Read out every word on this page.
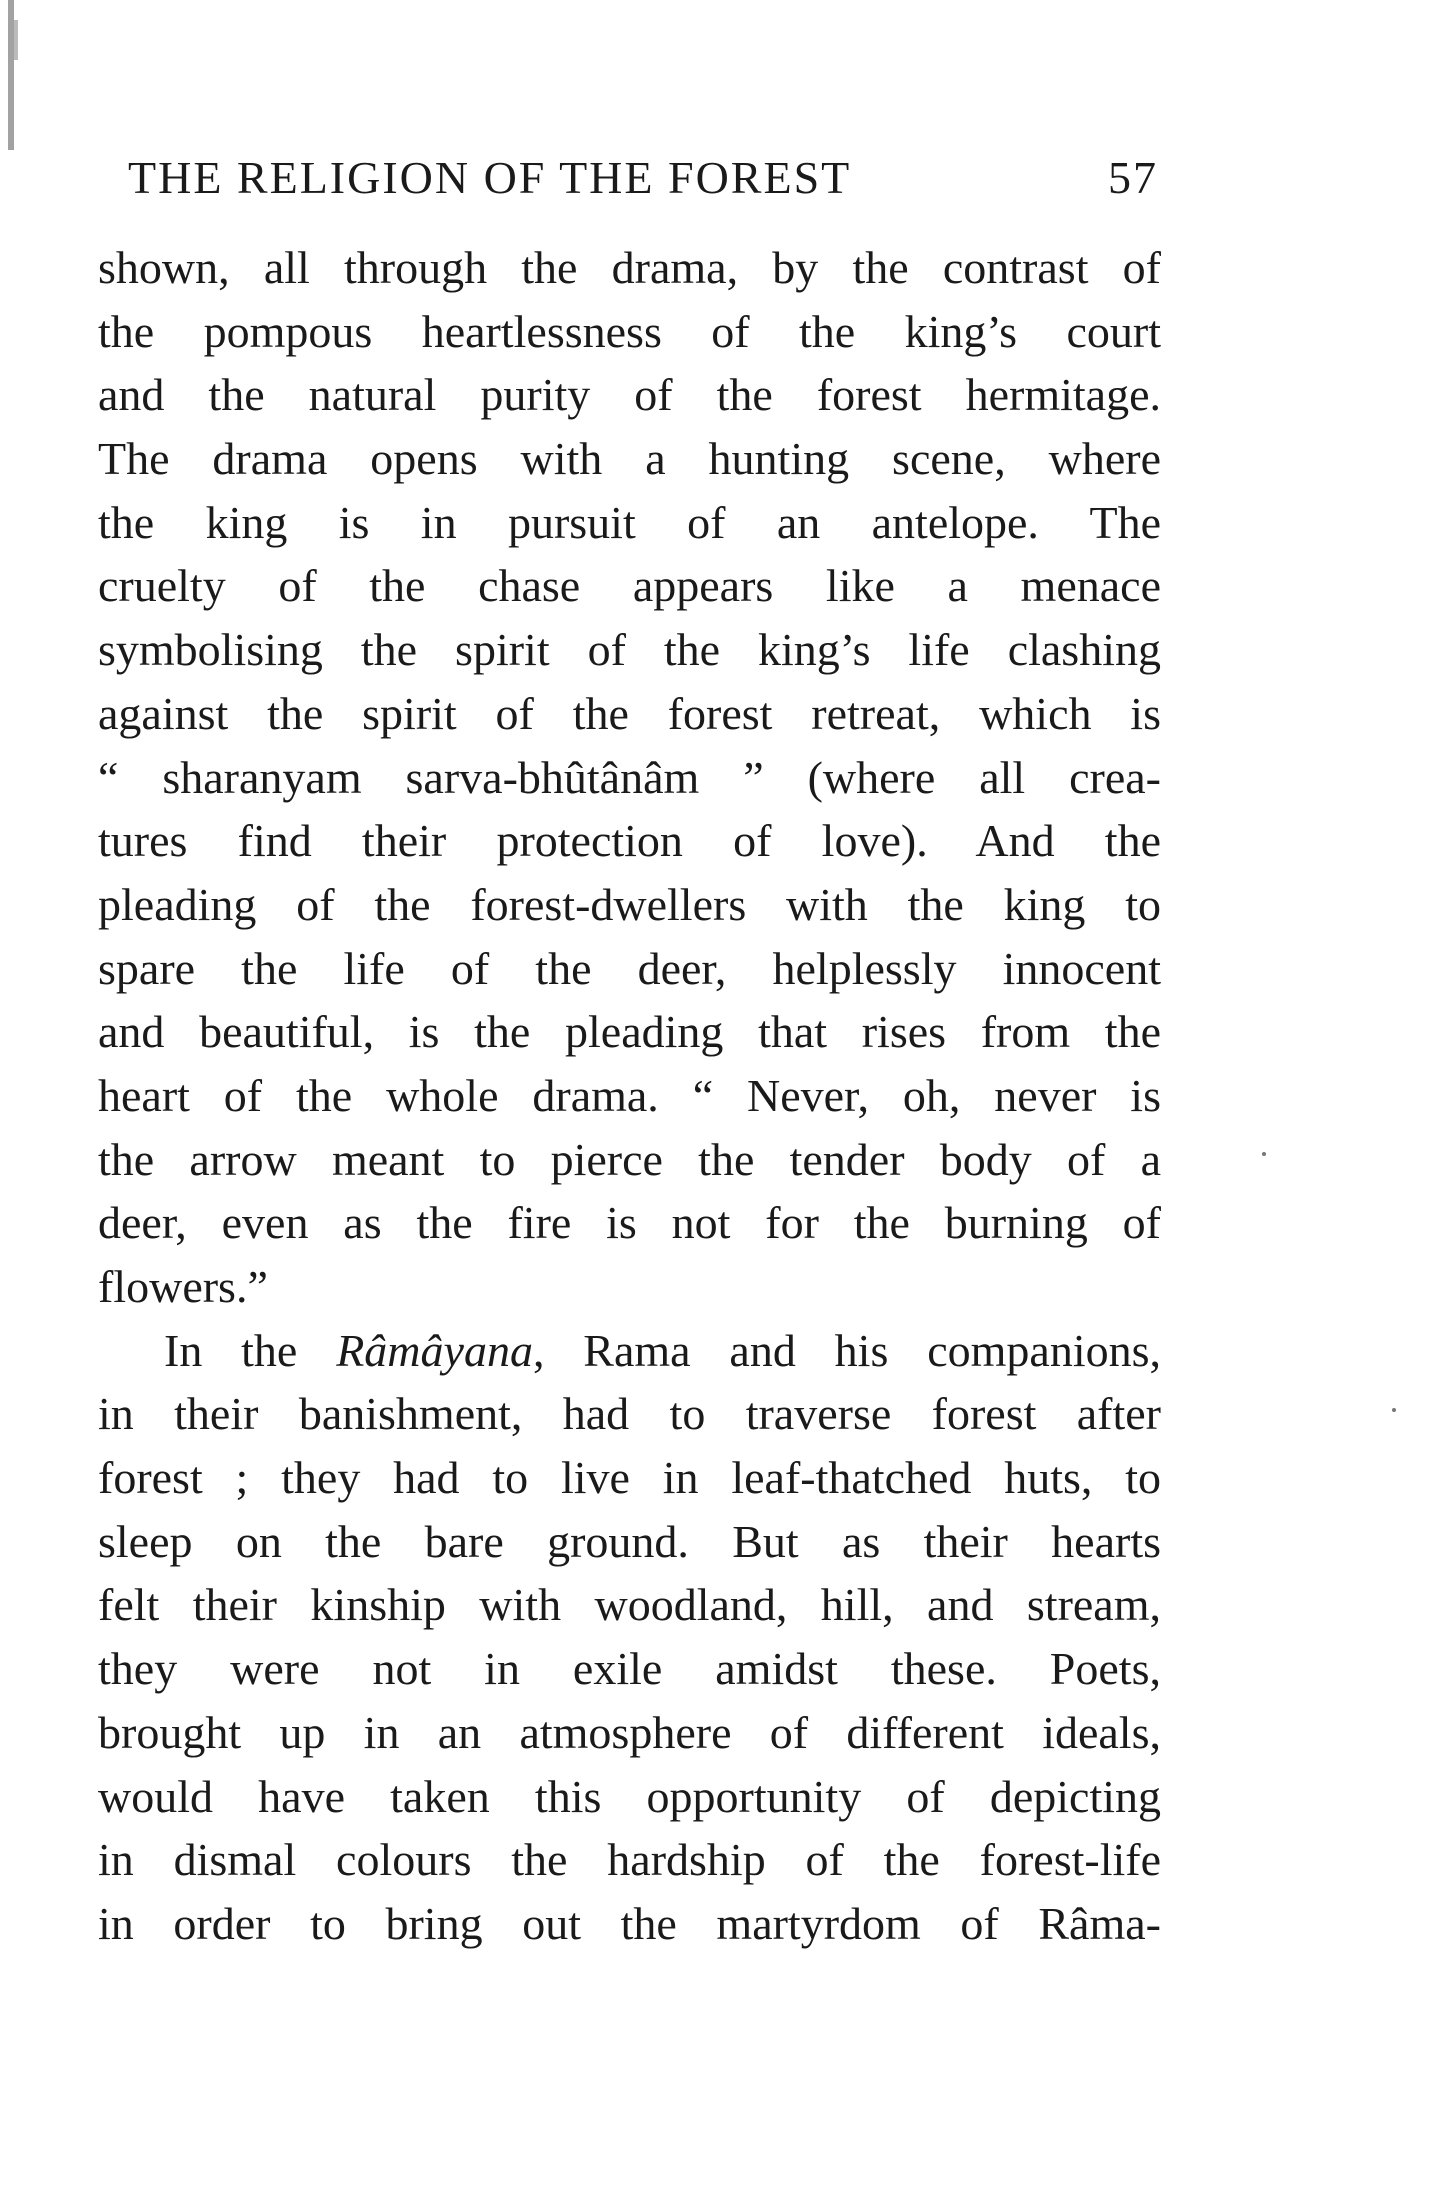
THE RELIGION OF THE FOREST	57
shown, all through the drama, by the contrast of
the pompous heartlessness of the king’s court
and the natural purity of the forest hermitage.
The drama opens with a hunting scene, where
the king is in pursuit of an antelope. The
cruelty of the chase appears like a menace
symbolising the spirit of the king’s life clashing
against the spirit of the forest retreat, which is
“ sharanyam sarva-bhûtânâm ” (where all crea-
tures find their protection of love). And the
pleading of the forest-dwellers with the king to
spare the life of the deer, helplessly innocent
and beautiful, is the pleading that rises from the
heart of the whole drama. “ Never, oh, never is
the arrow meant to pierce the tender body of a
deer, even as the fire is not for the burning of
flowers.”
In the Râmâyana, Rama and his companions,
in their banishment, had to traverse forest after
forest ; they had to live in leaf-thatched huts, to
sleep on the bare ground. But as their hearts
felt their kinship with woodland, hill, and stream,
they were not in exile amidst these. Poets,
brought up in an atmosphere of different ideals,
would have taken this opportunity of depicting
in dismal colours the hardship of the forest-life
in order to bring out the martyrdom of Râma-
